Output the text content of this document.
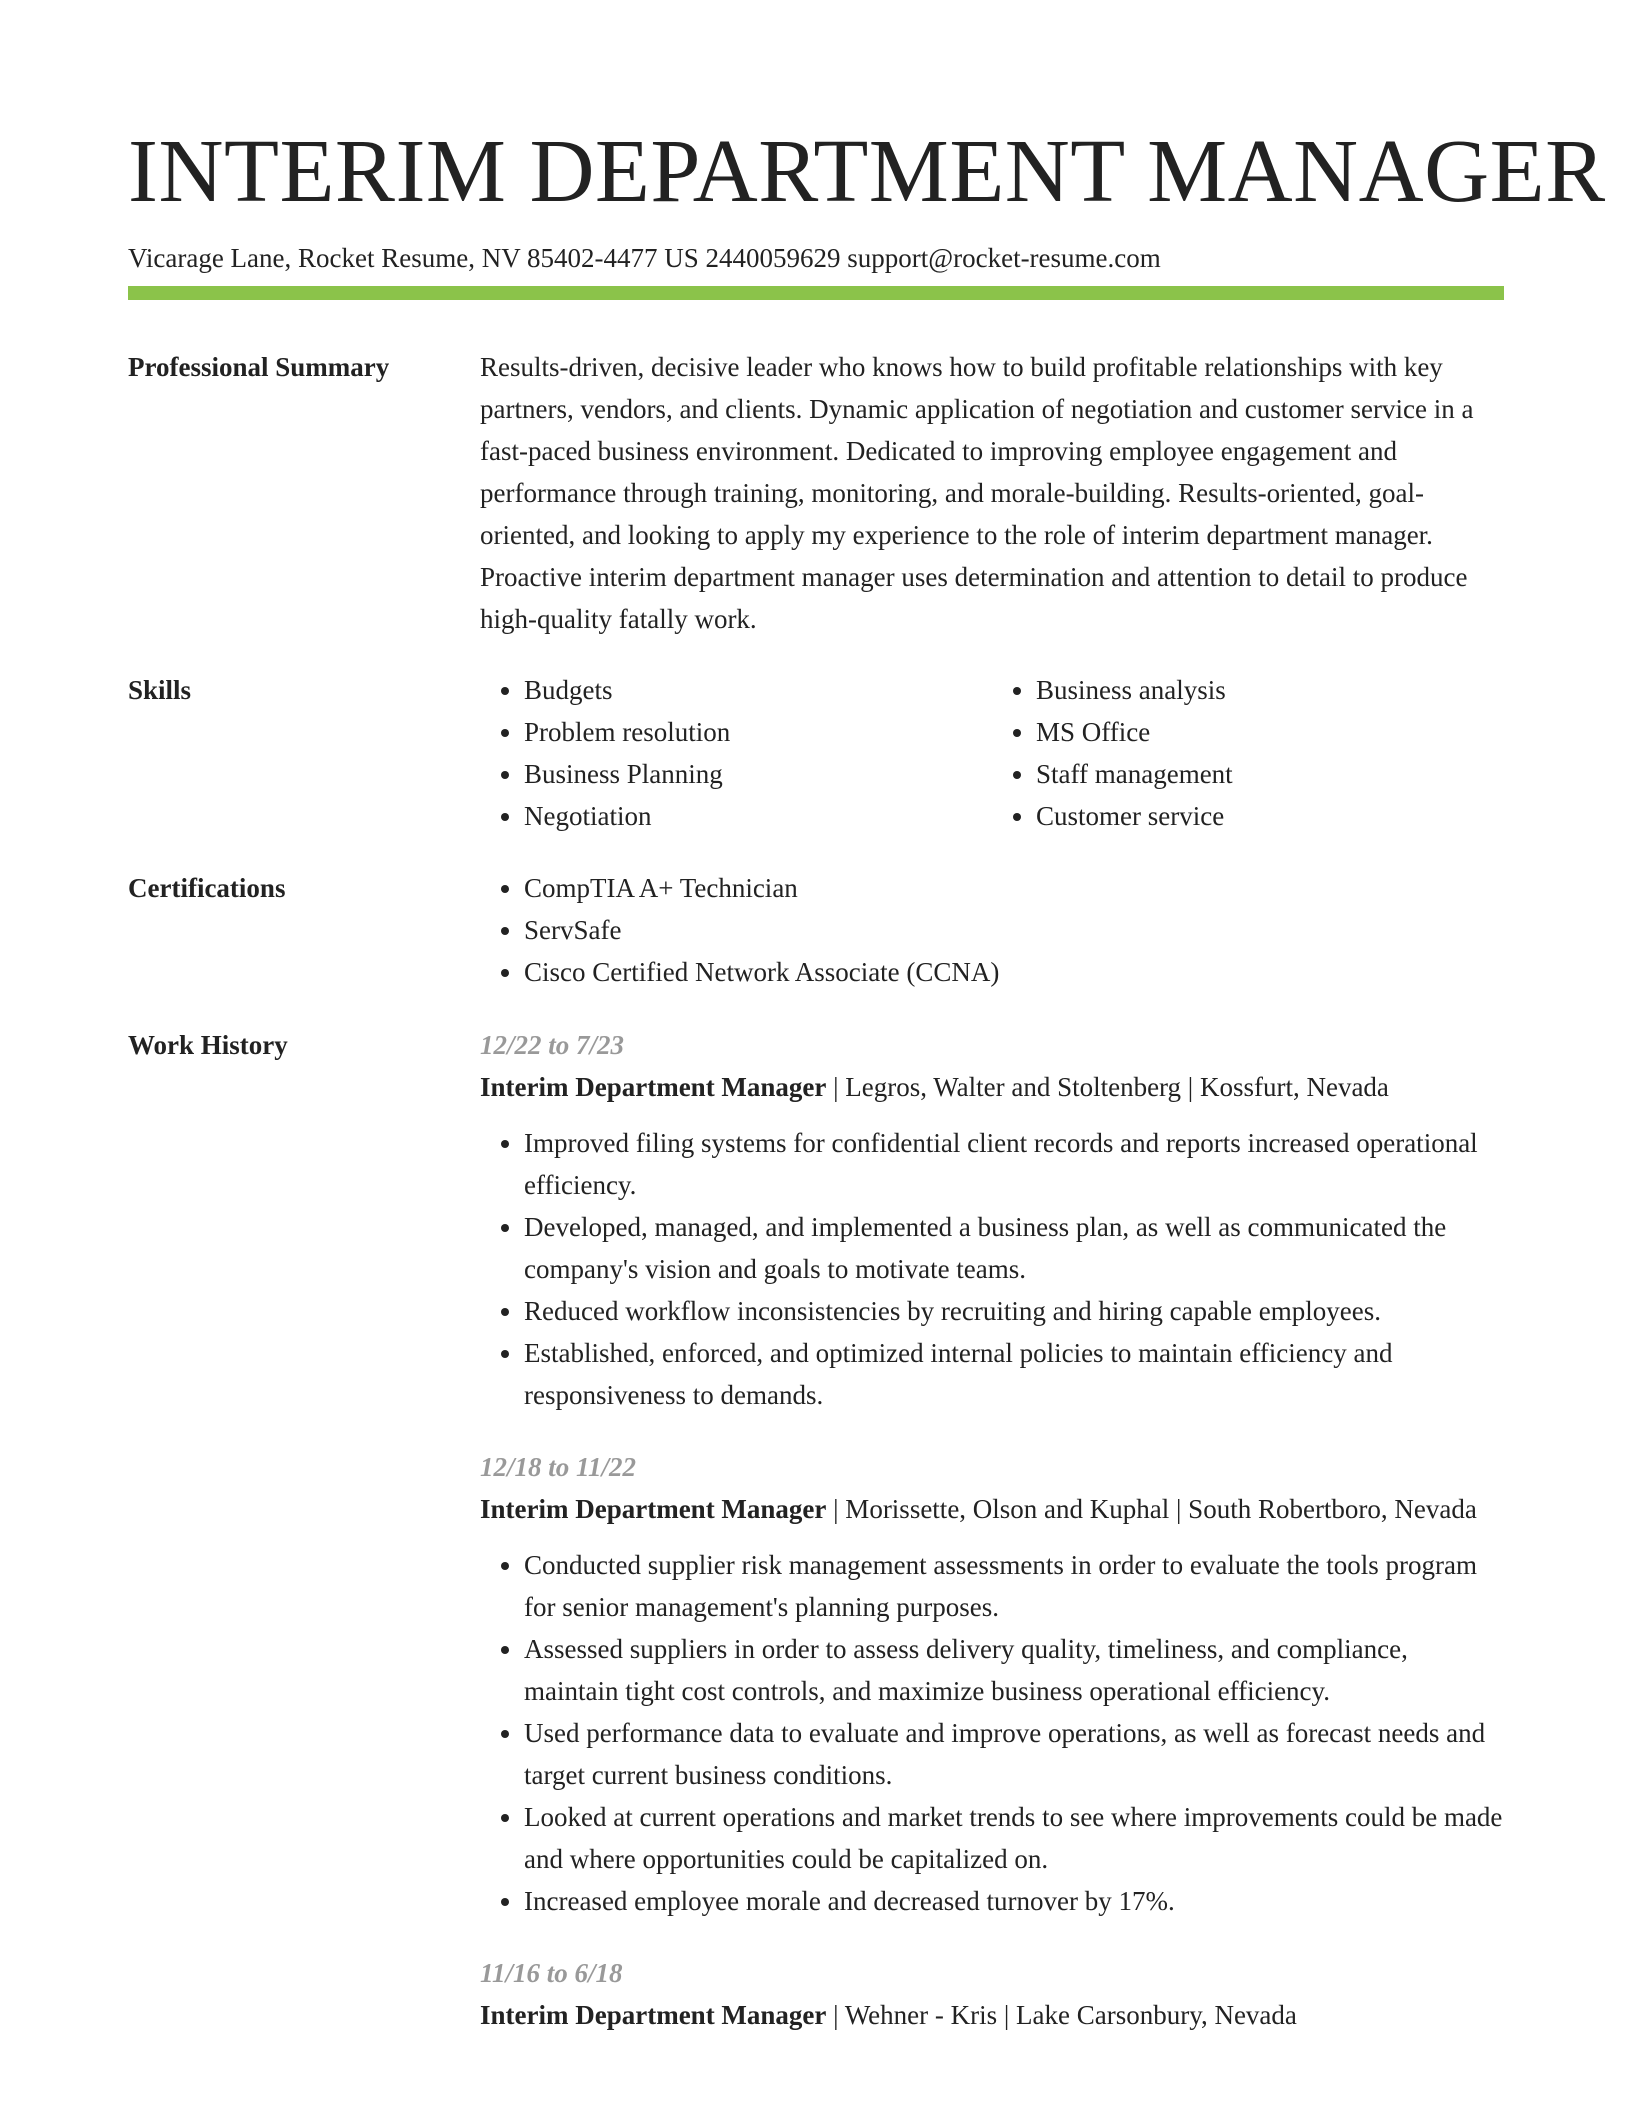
INTERIM DEPARTMENT MANAGER
Vicarage Lane, Rocket Resume, NV 85402-4477 US 2440059629 support@rocket-resume.com
Professional Summary	Results-driven, decisive leader who knows how to build profitable relationships with key partners, vendors, and clients. Dynamic application of negotiation and customer service in a fast-paced business environment. Dedicated to improving employee engagement and performance through training, monitoring, and morale-building. Results-oriented, goal-oriented, and looking to apply my experience to the role of interim department manager. Proactive interim department manager uses determination and attention to detail to produce high-quality fatally work.

Skills	• Budgets
• Problem resolution
• Business Planning
• Negotiation
• Business analysis
• MS Office
• Staff management
• Customer service
Certifications	• CompTIA A+ Technician
• ServSafe
• Cisco Certified Network Associate (CCNA)
Work History	12/22 to 7/23
Interim Department Manager | Legros, Walter and Stoltenberg | Kossfurt, Nevada
• Improved filing systems for confidential client records and reports increased operational efficiency.
• Developed, managed, and implemented a business plan, as well as communicated the company's vision and goals to motivate teams.
• Reduced workflow inconsistencies by recruiting and hiring capable employees.
• Established, enforced, and optimized internal policies to maintain efficiency and responsiveness to demands.
12/18 to 11/22
Interim Department Manager | Morissette, Olson and Kuphal | South Robertboro, Nevada
• Conducted supplier risk management assessments in order to evaluate the tools program for senior management's planning purposes.
• Assessed suppliers in order to assess delivery quality, timeliness, and compliance, maintain tight cost controls, and maximize business operational efficiency.
• Used performance data to evaluate and improve operations, as well as forecast needs and target current business conditions.
• Looked at current operations and market trends to see where improvements could be made and where opportunities could be capitalized on.
• Increased employee morale and decreased turnover by 17%.
11/16 to 6/18
Interim Department Manager | Wehner - Kris | Lake Carsonbury, Nevada
